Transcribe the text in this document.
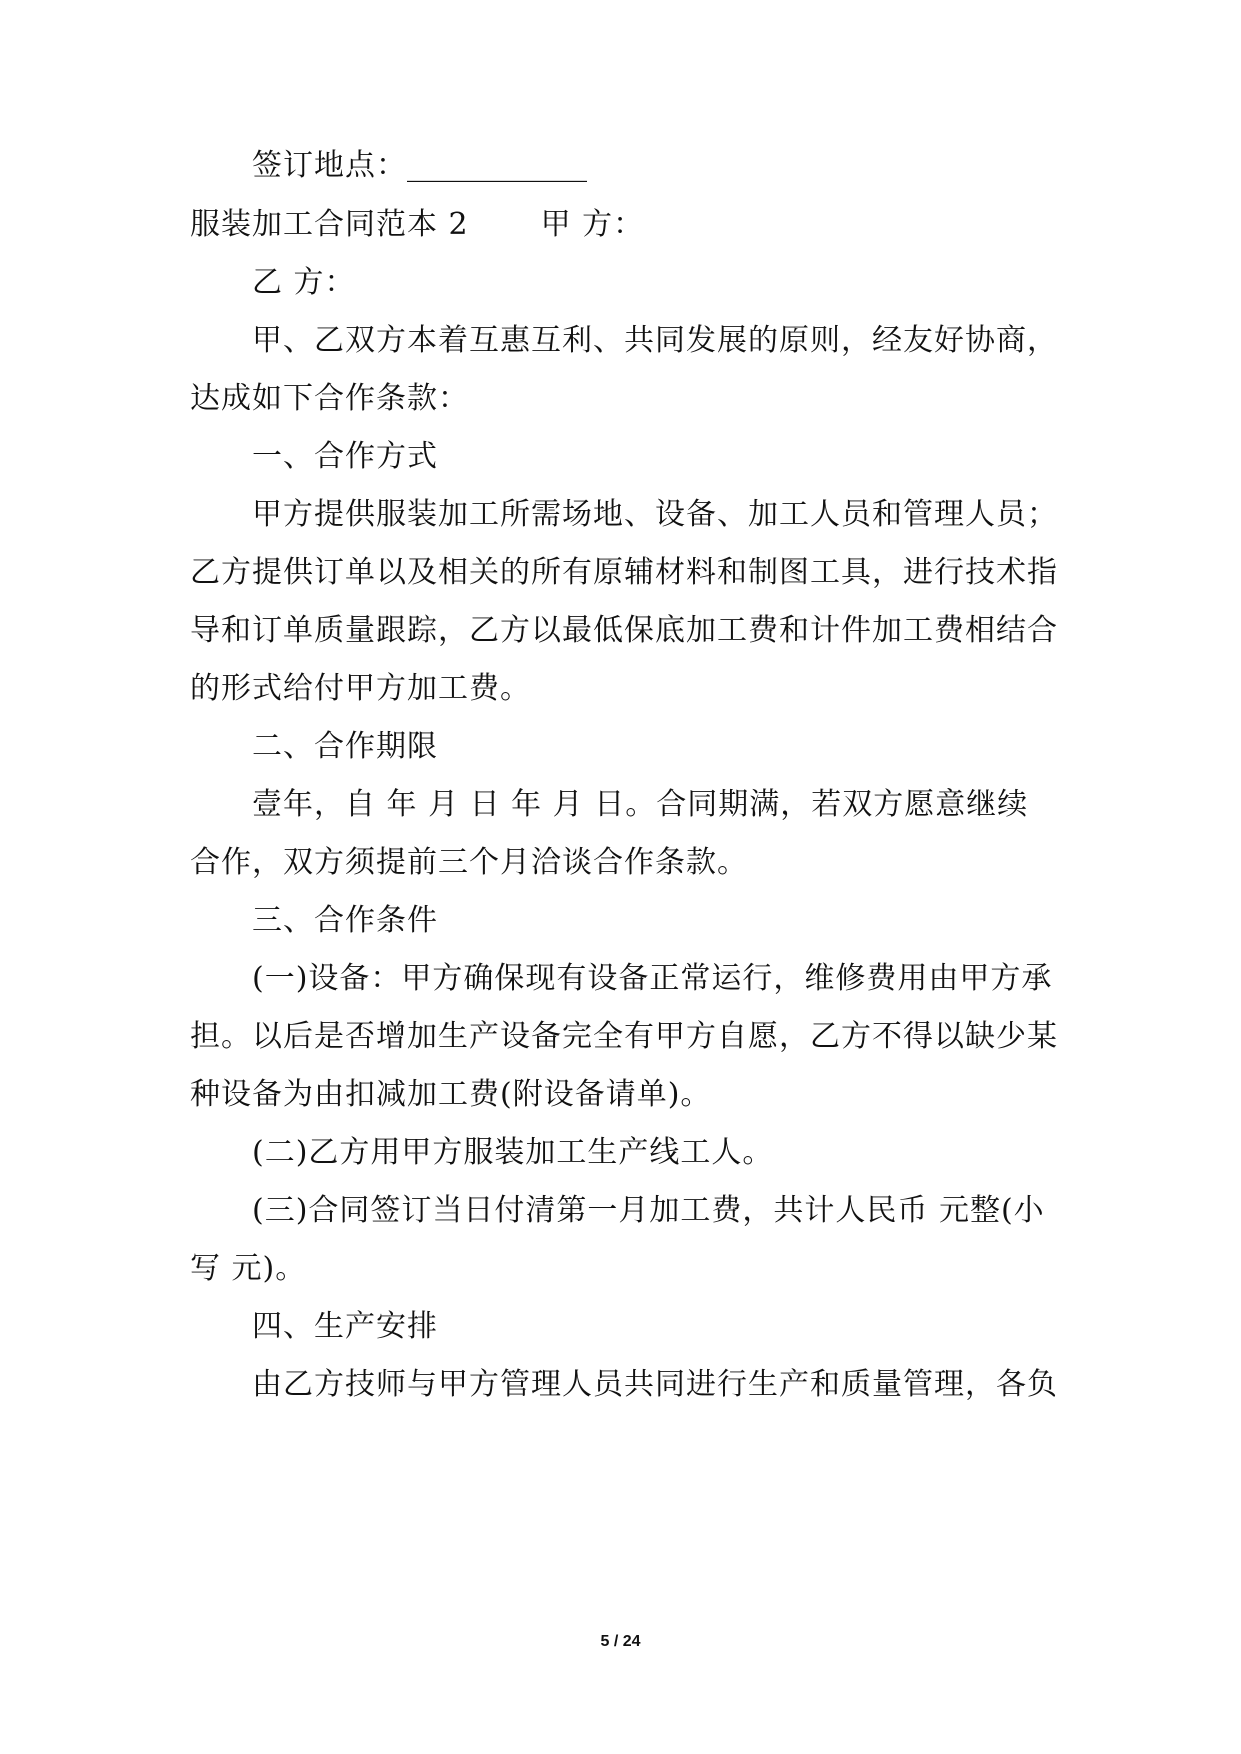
签订地点：____________
服装加工合同范本 2 甲 方：
乙 方：
甲、乙双方本着互惠互利、共同发展的原则，经友好协商，
达成如下合作条款：
一、合作方式
甲方提供服装加工所需场地、设备、加工人员和管理人员；
乙方提供订单以及相关的所有原辅材料和制图工具，进行技术指
导和订单质量跟踪，乙方以最低保底加工费和计件加工费相结合
的形式给付甲方加工费。
二、合作期限
壹年，自 年 月 日 年 月 日。合同期满，若双方愿意继续
合作，双方须提前三个月洽谈合作条款。
三、合作条件
(一)设备：甲方确保现有设备正常运行，维修费用由甲方承
担。以后是否增加生产设备完全有甲方自愿，乙方不得以缺少某
种设备为由扣减加工费(附设备请单)。
(二)乙方用甲方服装加工生产线工人。
(三)合同签订当日付清第一月加工费，共计人民币 元整(小
写 元)。
四、生产安排
由乙方技师与甲方管理人员共同进行生产和质量管理，各负
5 / 24
